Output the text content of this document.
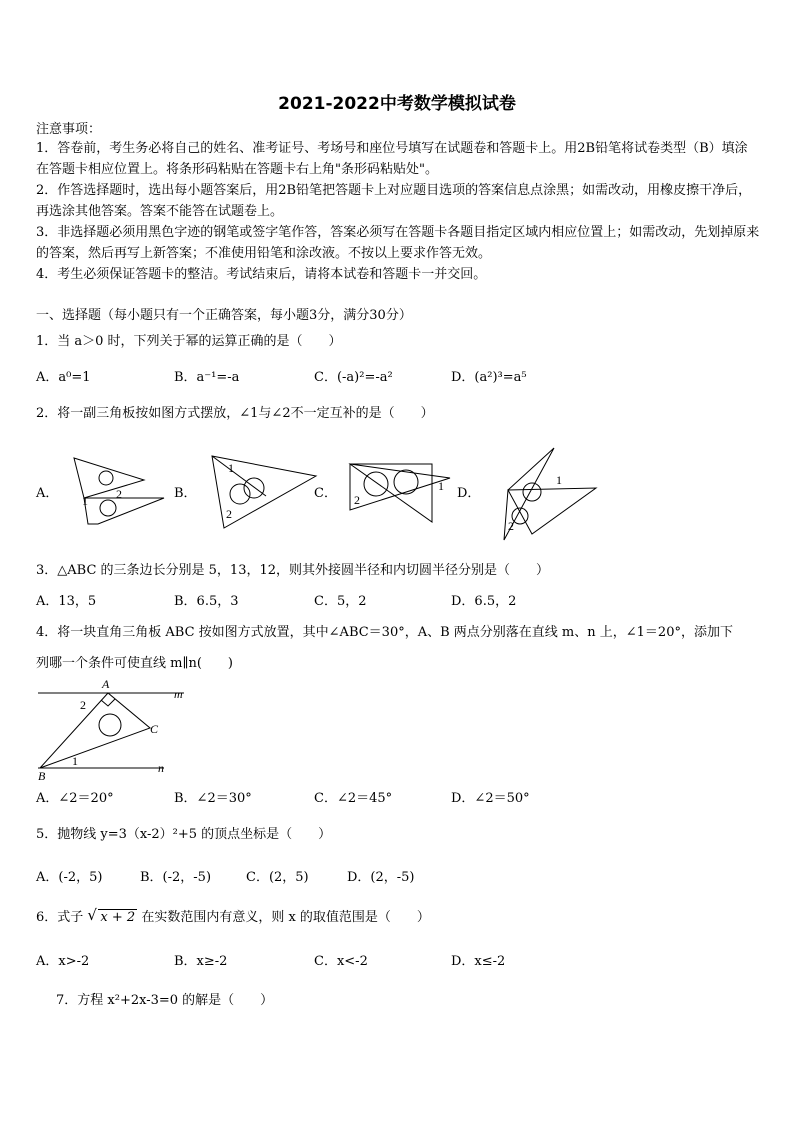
2021-2022中考数学模拟试卷
注意事项：

1．答卷前，考生务必将自己的姓名、准考证号、考场号和座位号填写在试题卷和答题卡上。用2B铅笔将试卷类型（B）填涂在答题卡相应位置上。将条形码粘贴在答题卡右上角"条形码粘贴处"。

2．作答选择题时，选出每小题答案后，用2B铅笔把答题卡上对应题目选项的答案信息点涂黑；如需改动，用橡皮擦干净后，再选涂其他答案。答案不能答在试题卷上。

3．非选择题必须用黑色字迹的钢笔或签字笔作答，答案必须写在答题卡各题目指定区域内相应位置上；如需改动，先划掉原来的答案，然后再写上新答案；不准使用铅笔和涂改液。不按以上要求作答无效。

4．考生必须保证答题卡的整洁。考试结束后，请将本试卷和答题卡一并交回。

一、选择题（每小题只有一个正确答案，每小题3分，满分30分）
1．当 a＞0 时，下列关于幂的运算正确的是（　　）
A．a⁰=1	B．a⁻¹=-a	C．(-a)²=-a²	D．(a²)³=a⁵
2．将一副三角板按如图方式摆放，∠1与∠2不一定互补的是（　　）
A． 1 2	B．
1
2
C．	1
2	D．
1
2
3．△ABC 的三条边长分别是 5，13，12，则其外接圆半径和内切圆半径分别是（　　）
A．13，5	B．6.5，3	C．5，2	D．6.5，2
4．将一块直角三角板 ABC 按如图方式放置，其中∠ABC＝30°，A、B 两点分别落在直线 m、n 上，∠1＝20°，添加下
列哪一个条件可使直线 m∥n(　　)
A
B
C
m
n
1
2
A．∠2＝20°	B．∠2＝30°	C．∠2＝45°	D．∠2＝50°
5．抛物线 y=3（x-2）²+5 的顶点坐标是（　　）
A．(-2，5)	B．(-2，-5)	C．(2，5)	D．(2，-5)
6．式子 √ x + 2 在实数范围内有意义，则 x 的取值范围是（　　）
A．x>-2	B．x≥-2	C．x<-2	D．x≤-2
7．方程 x²+2x-3=0 的解是（　　）
